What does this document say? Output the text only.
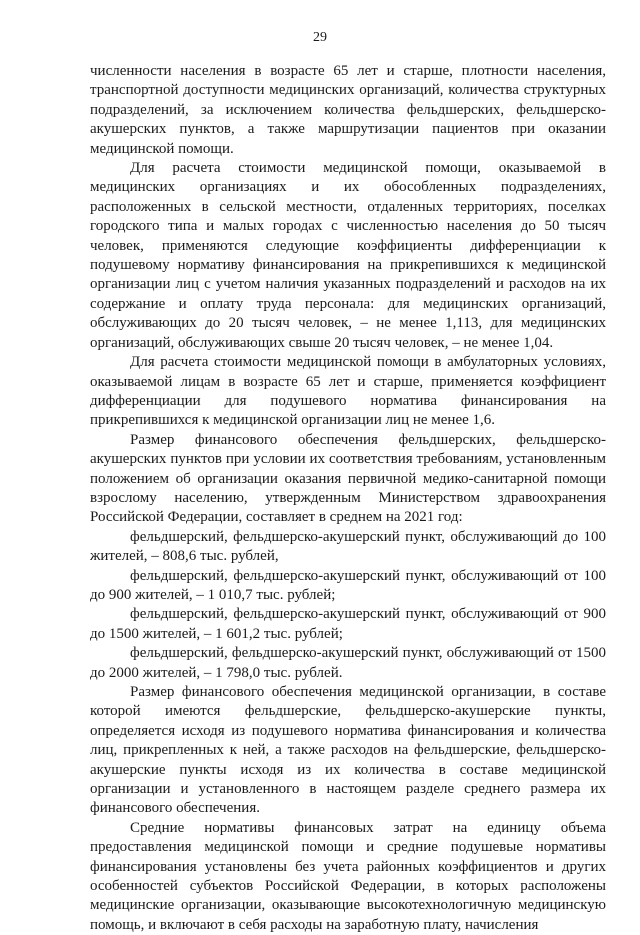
29

численности населения в возрасте 65 лет и старше, плотности населения, транспортной доступности медицинских организаций, количества структурных подразделений, за исключением количества фельдшерских, фельдшерско-акушерских пунктов, а также маршрутизации пациентов при оказании медицинской помощи.

Для расчета стоимости медицинской помощи, оказываемой в медицинских организациях и их обособленных подразделениях, расположенных в сельской местности, отдаленных территориях, поселках городского типа и малых городах с численностью населения до 50 тысяч человек, применяются следующие коэффициенты дифференциации к подушевому нормативу финансирования на прикрепившихся к медицинской организации лиц с учетом наличия указанных подразделений и расходов на их содержание и оплату труда персонала: для медицинских организаций, обслуживающих до 20 тысяч человек, – не менее 1,113, для медицинских организаций, обслуживающих свыше 20 тысяч человек, – не менее 1,04.

Для расчета стоимости медицинской помощи в амбулаторных условиях, оказываемой лицам в возрасте 65 лет и старше, применяется коэффициент дифференциации для подушевого норматива финансирования на прикрепившихся к медицинской организации лиц не менее 1,6.

Размер финансового обеспечения фельдшерских, фельдшерско-акушерских пунктов при условии их соответствия требованиям, установленным положением об организации оказания первичной медико-санитарной помощи взрослому населению, утвержденным Министерством здравоохранения Российской Федерации, составляет в среднем на 2021 год:

фельдшерский, фельдшерско-акушерский пункт, обслуживающий до 100 жителей, – 808,6 тыс. рублей,

фельдшерский, фельдшерско-акушерский пункт, обслуживающий от 100 до 900 жителей, – 1 010,7 тыс. рублей;

фельдшерский, фельдшерско-акушерский пункт, обслуживающий от 900 до 1500 жителей, – 1 601,2 тыс. рублей;

фельдшерский, фельдшерско-акушерский пункт, обслуживающий от 1500 до 2000 жителей, – 1 798,0 тыс. рублей.

Размер финансового обеспечения медицинской организации, в составе которой имеются фельдшерские, фельдшерско-акушерские пункты, определяется исходя из подушевого норматива финансирования и количества лиц, прикрепленных к ней, а также расходов на фельдшерские, фельдшерско-акушерские пункты исходя из их количества в составе медицинской организации и установленного в настоящем разделе среднего размера их финансового обеспечения.

Средние нормативы финансовых затрат на единицу объема предоставления медицинской помощи и средние подушевые нормативы финансирования установлены без учета районных коэффициентов и других особенностей субъектов Российской Федерации, в которых расположены медицинские организации, оказывающие высокотехнологичную медицинскую помощь, и включают в себя расходы на заработную плату, начисления
